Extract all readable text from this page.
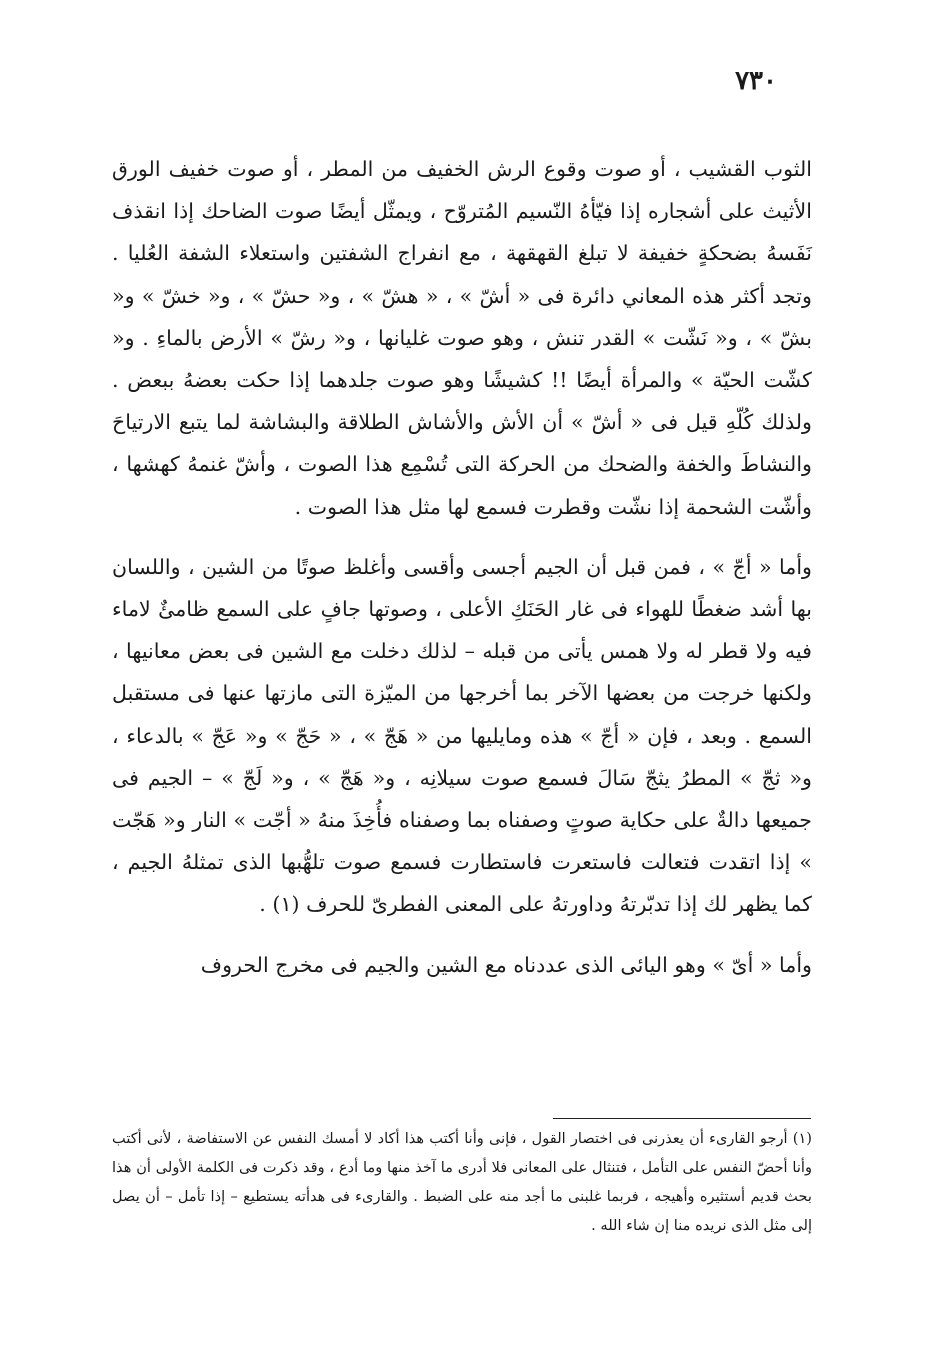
٧٣٠

الثوب القشيب ، أو صوت وقوع الرش الخفيف من المطر ، أو صوت خفيف الورق الأثيث على أشجاره إذا فيّأهُ النّسيم المُتروّح ، ويمثّل أيضًا صوت الضاحك إذا انقذف نَفَسهُ بضحكةٍ خفيفة لا تبلغ القهقهة ، مع انفراج الشفتين واستعلاء الشفة العُليا . وتجد أكثر هذه المعاني دائرة فى « أشّ » ، « هشّ » ، و« حشّ » ، و« خشّ » و« بشّ » ، و« نَشّت » القدر تنش ، وهو صوت غليانها ، و« رشّ » الأرض بالماءِ . و« كشّت الحيّة » والمرأة أيضًا !! كشيشًا وهو صوت جلدهما إذا حكت بعضهُ ببعض . ولذلك كُلّهِ قيل فى « أشّ » أن الأش والأشاش الطلاقة والبشاشة لما يتبع الارتياحَ والنشاطَ والخفة والضحك من الحركة التى تُسْمِع هذا الصوت ، وأشّ غنمهُ كهشها ، وأشّت الشحمة إذا نشّت وقطرت فسمع لها مثل هذا الصوت .

وأما « أجّ » ، فمن قبل أن الجيم أجسى وأقسى وأغلظ صوتًا من الشين ، واللسان بها أشد ضغطًا للهواء فى غار الحَنَكِ الأعلى ، وصوتها جافٍ على السمع ظامئٌ لاماء فيه ولا قطر له ولا همس يأتى من قبله – لذلك دخلت مع الشين فى بعض معانيها ، ولكنها خرجت من بعضها الآخر بما أخرجها من الميّزة التى مازتها عنها فى مستقبل السمع . وبعد ، فإن « أجّ » هذه ومايليها من « هَجّ » ، « حَجّ » و« عَجّ » بالدعاء ، و« ثجّ » المطرُ يثجّ سَالَ فسمع صوت سيلانِه ، و« هَجّ » ، و« لَجّ » – الجيم فى جميعها دالةٌ على حكاية صوتٍ وصفناه بما وصفناه فأُخِذَ منهُ « أجّت » النار و« هَجّت » إذا اتقدت فتعالت فاستعرت فاستطارت فسمع صوت تلهُّبها الذى تمثلهُ الجيم ، كما يظهر لك إذا تدبّرتهُ وداورتهُ على المعنى الفطرىّ للحرف (١) .

وأما « أىّ » وهو اليائى الذى عددناه مع الشين والجيم فى مخرج الحروف

(١) أرجو القارىء أن يعذرنى فى اختصار القول ، فإنى وأنا أكتب هذا أكاد لا أمسك النفس عن الاستفاضة ، لأنى أكتب وأنا أحضّ النفس على التأمل ، فتنثال على المعانى فلا أدرى ما آخذ منها وما أدع ، وقد ذكرت فى الكلمة الأولى أن هذا بحث قديم أستثيره وأهيجه ، فربما غلبنى ما أجد منه على الضبط . والقارىء فى هدأته يستطيع – إذا تأمل – أن يصل إلى مثل الذى نريده منا إن شاء الله .
